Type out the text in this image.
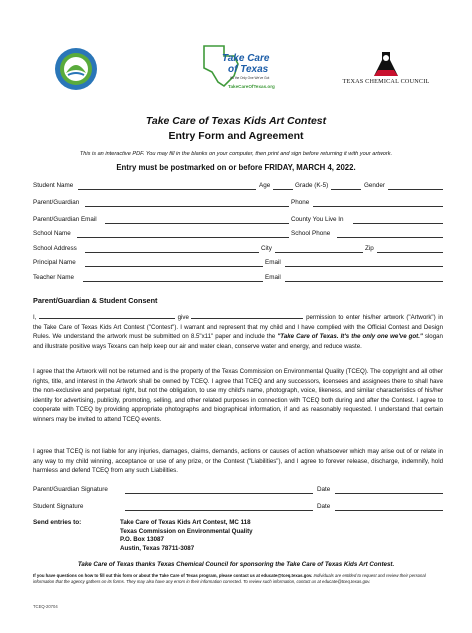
Take Care
of Texas
It's the Only One We've Got
TakeCareOfTexas.org
TEXAS CHEMICAL COUNCIL
Take Care of Texas Kids Art Contest
Entry Form and Agreement
This is an interactive PDF. You may fill in the blanks on your computer, then print and sign before returning it with your artwork.
Entry must be postmarked on or before FRIDAY, MARCH 4, 2022.
Student Name	Age	Grade (K-5)	Gender
Parent/Guardian	Phone
Parent/Guardian Email	County You Live In
School Name	School Phone
School Address	City	Zip
Principal Name	Email
Teacher Name	Email
Parent/Guardian & Student Consent
I,	give	permission to enter his/her artwork ("Artwork") in the Take Care of Texas Kids Art Contest ("Contest"). I warrant and represent that my child and I have complied with the Official Contest and Design Rules. We understand the artwork must be submitted on 8.5"x11" paper and include the "Take Care of Texas. It's the only one we've got." slogan and illustrate positive ways Texans can help keep our air and water clean, conserve water and energy, and reduce waste.
I agree that the Artwork will not be returned and is the property of the Texas Commission on Environmental Quality (TCEQ). The copyright and all other rights, title, and interest in the Artwork shall be owned by TCEQ. I agree that TCEQ and any successors, licensees and assignees there to shall have the non-exclusive and perpetual right, but not the obligation, to use my child's name, photograph, voice, likeness, and similar characteristics of his/her identity for advertising, publicity, promoting, selling, and other related purposes in connection with TCEQ both during and after the Contest. I agree to cooperate with TCEQ by providing appropriate photographs and biographical information, if and as reasonably requested. I understand that certain winners may be invited to attend TCEQ events.
I agree that TCEQ is not liable for any injuries, damages, claims, demands, actions or causes of action whatsoever which may arise out of or relate in any way to my child winning, acceptance or use of any prize, or the Contest ("Liabilities"), and I agree to forever release, discharge, indemnify, hold harmless and defend TCEQ from any such Liabilities.
Parent/Guardian Signature	Date
Student Signature	Date
Send entries to:	Take Care of Texas Kids Art Contest, MC 118
Texas Commission on Environmental Quality
P.O. Box 13087
Austin, Texas 78711-3087
Take Care of Texas thanks Texas Chemical Council for sponsoring the Take Care of Texas Kids Art Contest.
If you have questions on how to fill out this form or about the Take Care of Texas program, please contact us at educate@tceq.texas.gov. Individuals are entitled to request and review their personal information that the agency gathers on its forms. They may also have any errors in their information corrected. To review such information, contact us at educate@tceq.texas.gov.
TCEQ-20704
